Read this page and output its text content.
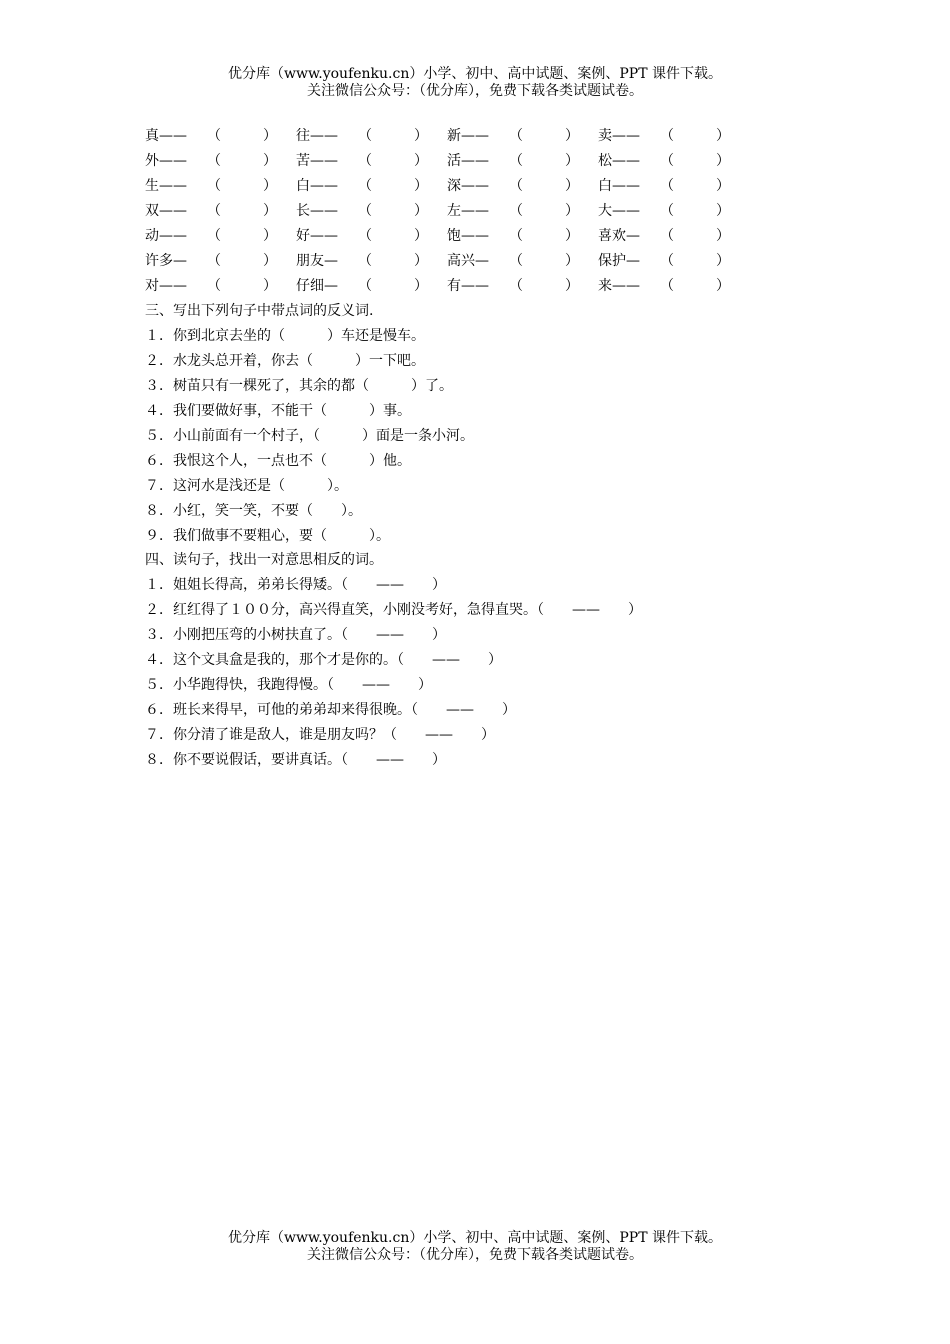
优分库（www.youfenku.cn）小学、初中、高中试题、案例、PPT 课件下载。
关注微信公众号：（优分库），免费下载各类试题试卷。
真—— （	） 往—— （	） 新—— （	） 卖—— （	）
外—— （	） 苦—— （	） 活—— （	） 松—— （	）
生—— （	） 白—— （	） 深—— （	） 白—— （	）
双—— （	） 长—— （	） 左—— （	） 大—— （	）
动—— （	） 好—— （	） 饱—— （	） 喜欢— （	）
许多— （	） 朋友— （	） 高兴— （	） 保护— （	）
对—— （	） 仔细— （	） 有—— （	） 来—— （	）
三、写出下列句子中带点词的反义词.
１．你到北京去坐的（　　　）车还是慢车。
２．水龙头总开着，你去（　　　）一下吧。
３．树苗只有一棵死了，其余的都（　　　）了。
４．我们要做好事，不能干（　　　）事。
５．小山前面有一个村子，（　　　）面是一条小河。
６．我恨这个人，一点也不（　　　）他。
７．这河水是浅还是（　　　）。
８．小红，笑一笑，不要（　　）。
９．我们做事不要粗心，要（　　　）。
四、读句子，找出一对意思相反的词。
１．姐姐长得高，弟弟长得矮。（　　——　　）
２．红红得了１００分，高兴得直笑，小刚没考好，急得直哭。（　　——　　）
３．小刚把压弯的小树扶直了。（　　——　　）
４．这个文具盒是我的，那个才是你的。（　　——　　）
５．小华跑得快，我跑得慢。（　　——　　）
６．班长来得早，可他的弟弟却来得很晚。（　　——　　）
７．你分清了谁是敌人，谁是朋友吗？（　　——　　）
８．你不要说假话，要讲真话。（　　——　　）
优分库（www.youfenku.cn）小学、初中、高中试题、案例、PPT 课件下载。
关注微信公众号：（优分库），免费下载各类试题试卷。
